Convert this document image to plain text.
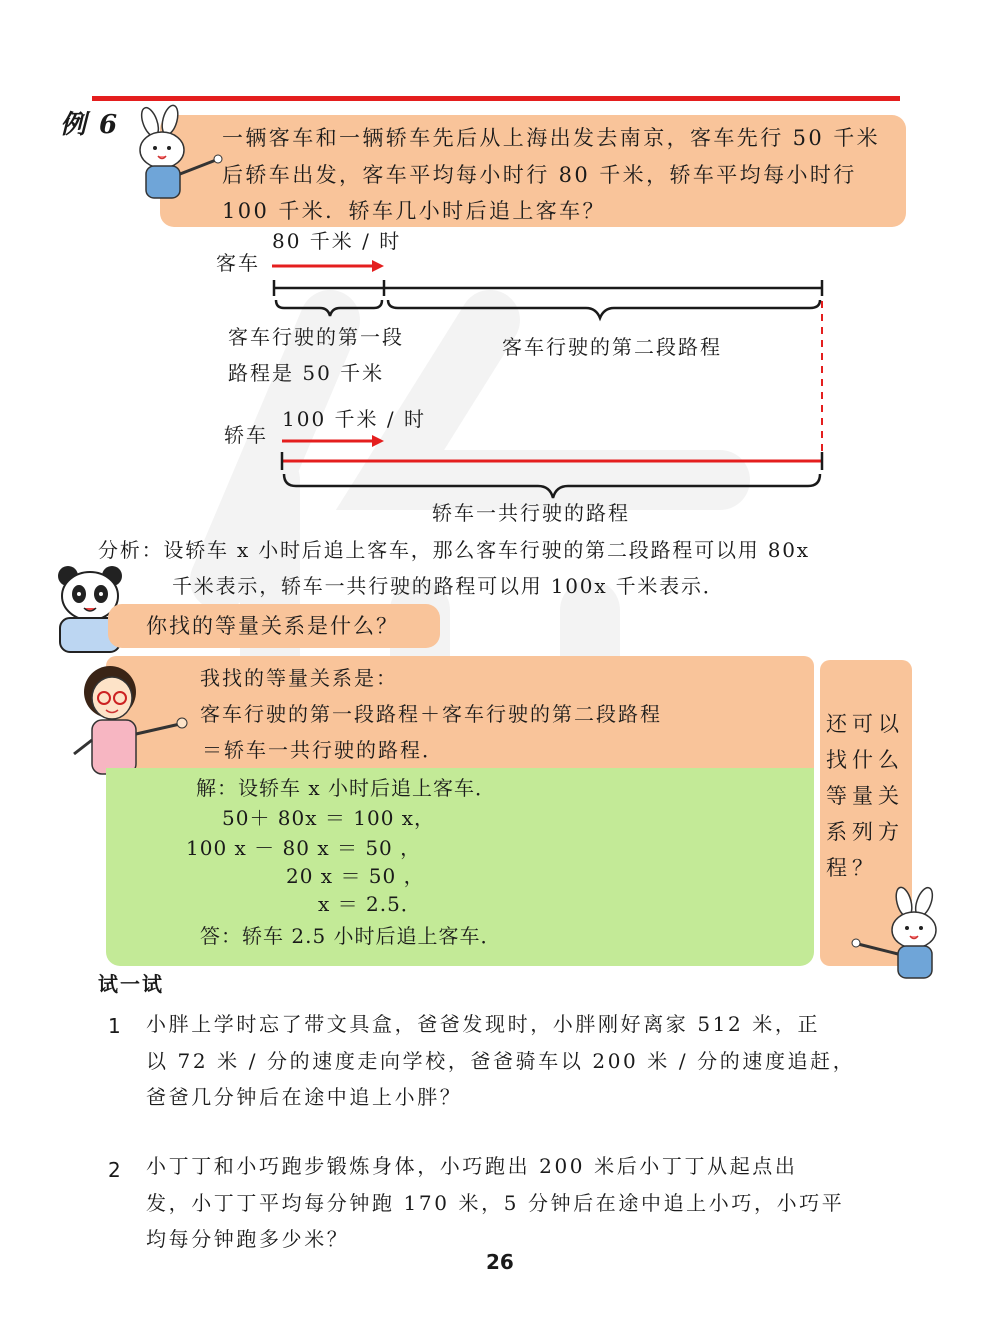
例 6	一辆客车和一辆轿车先后从上海出发去南京，客车先行 50 千米后轿车出发，客车平均每小时行 80 千米，轿车平均每小时行 100 千米．轿车几小时后追上客车？
客车
80 千米 / 时
客车行驶的第一段
路程是 50 千米
客车行驶的第二段路程
轿车
100 千米 / 时
轿车一共行驶的路程
分析：设轿车 x 小时后追上客车，那么客车行驶的第二段路程可以用 80x
千米表示，轿车一共行驶的路程可以用 100x 千米表示．
你找的等量关系是什么？
我找的等量关系是：
客车行驶的第一段路程＋客车行驶的第二段路程
＝轿车一共行驶的路程．
解：设轿车 x 小时后追上客车．
50＋ 80x ＝ 100 x，
100 x － 80 x ＝ 50 ，
20 x ＝ 50 ，
x ＝ 2.5．
答：轿车 2.5 小时后追上客车．
还可以
找什么
等量关
系列方
程？
试一试
1 小胖上学时忘了带文具盒，爸爸发现时，小胖刚好离家 512 米，正
以 72 米 / 分的速度走向学校，爸爸骑车以 200 米 / 分的速度追赶，
爸爸几分钟后在途中追上小胖？
2 小丁丁和小巧跑步锻炼身体，小巧跑出 200 米后小丁丁从起点出
发，小丁丁平均每分钟跑 170 米，5 分钟后在途中追上小巧，小巧平
均每分钟跑多少米？
26
